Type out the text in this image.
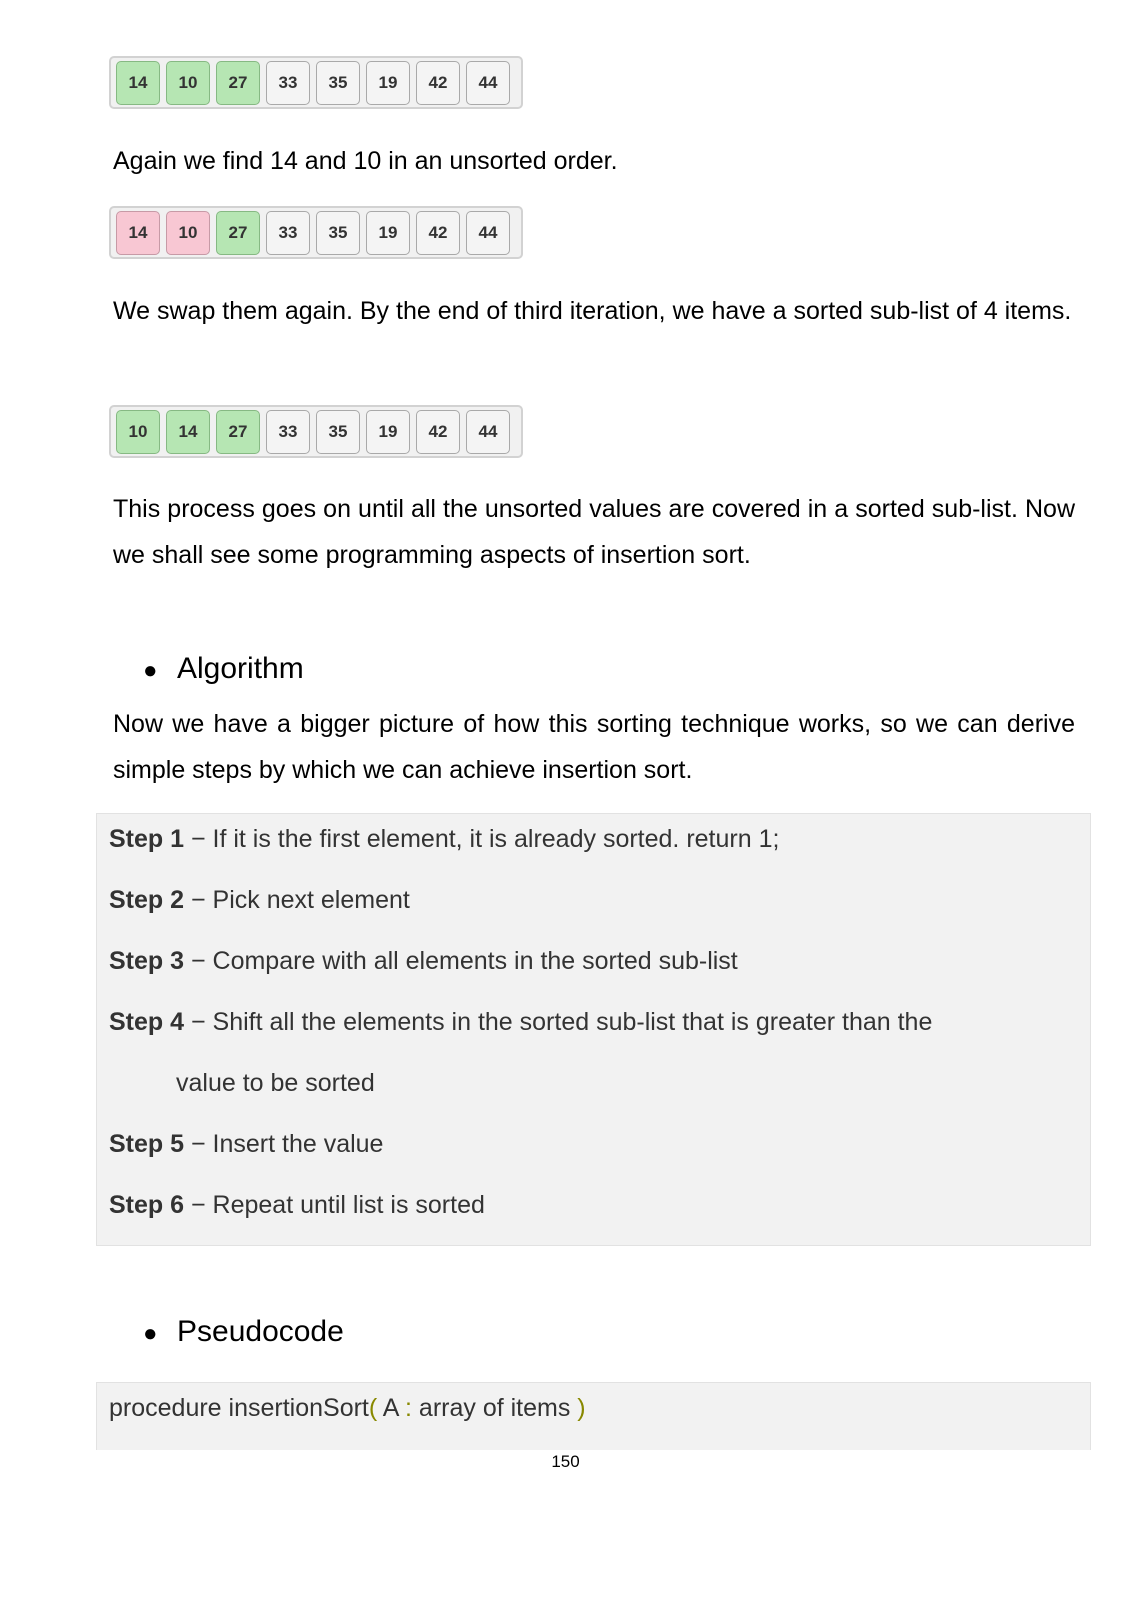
14	10	27	33	35	19	42	44

Again we find 14 and 10 in an unsorted order.

14	10	27	33	35	19	42	44

We swap them again. By the end of third iteration, we have a sorted sub-list of 4 items.

10	14	27	33	35	19	42	44

This process goes on until all the unsorted values are covered in a sorted sub-list. Now we shall see some programming aspects of insertion sort.

● Algorithm

Now we have a bigger picture of how this sorting technique works, so we can derive simple steps by which we can achieve insertion sort.

Step 1 − If it is the first element, it is already sorted. return 1;

Step 2 − Pick next element

Step 3 − Compare with all elements in the sorted sub-list

Step 4 − Shift all the elements in the sorted sub-list that is greater than the

value to be sorted

Step 5 − Insert the value

Step 6 − Repeat until list is sorted

● Pseudocode

procedure insertionSort( A : array of items )

150
